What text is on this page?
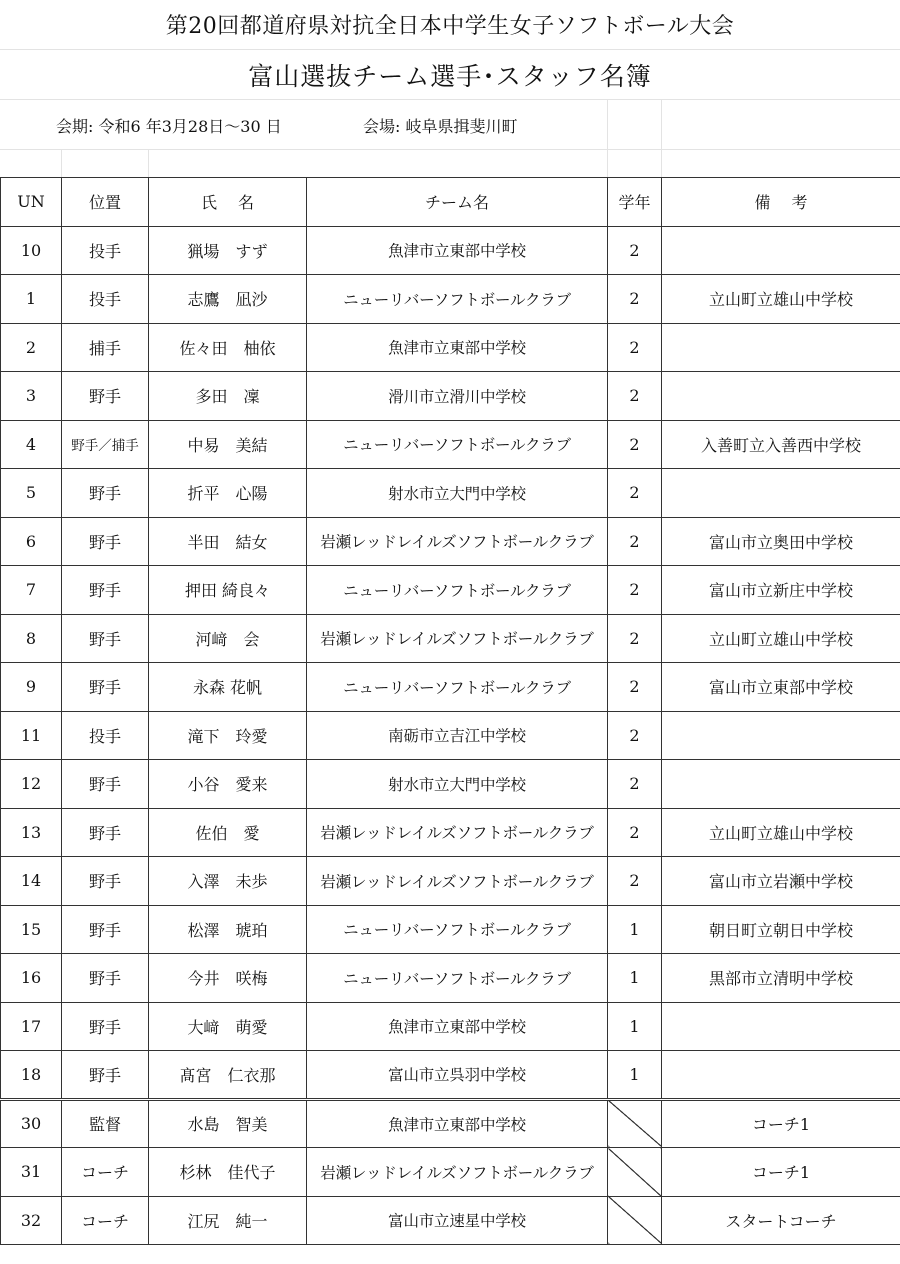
第20回都道府県対抗全日本中学生女子ソフトボール大会
富山選抜チーム選手･スタッフ名簿
会期: 令和6 年3月28日～30 日	会場: 岐阜県揖斐川町
UN	位置	氏　 名	チーム名	学年	備　 考
10	投手	猟場　すず	魚津市立東部中学校	2	
1	投手	志鷹　凪沙	ニューリバーソフトボールクラブ	2	立山町立雄山中学校
2	捕手	佐々田　柚依	魚津市立東部中学校	2	
3	野手	多田　凜	滑川市立滑川中学校	2	
4	野手／捕手	中易　美結	ニューリバーソフトボールクラブ	2	入善町立入善西中学校
5	野手	折平　心陽	射水市立大門中学校	2	
6	野手	半田　結女	岩瀬レッドレイルズソフトボールクラブ	2	富山市立奥田中学校
7	野手	押田 綺良々	ニューリバーソフトボールクラブ	2	富山市立新庄中学校
8	野手	河﨑　会	岩瀬レッドレイルズソフトボールクラブ	2	立山町立雄山中学校
9	野手	永森 花帆	ニューリバーソフトボールクラブ	2	富山市立東部中学校
11	投手	滝下　玲愛	南砺市立吉江中学校	2	
12	野手	小谷　愛来	射水市立大門中学校	2	
13	野手	佐伯　愛	岩瀬レッドレイルズソフトボールクラブ	2	立山町立雄山中学校
14	野手	入澤　未歩	岩瀬レッドレイルズソフトボールクラブ	2	富山市立岩瀬中学校
15	野手	松澤　琥珀	ニューリバーソフトボールクラブ	1	朝日町立朝日中学校
16	野手	今井　咲梅	ニューリバーソフトボールクラブ	1	黒部市立清明中学校
17	野手	大﨑　萌愛	魚津市立東部中学校	1	
18	野手	髙宮　仁衣那	富山市立呉羽中学校	1	
30	監督	水島　智美	魚津市立東部中学校		コーチ1
31	コーチ	杉林　佳代子	岩瀬レッドレイルズソフトボールクラブ		コーチ1
32	コーチ	江尻　純一	富山市立速星中学校		スタートコーチ
